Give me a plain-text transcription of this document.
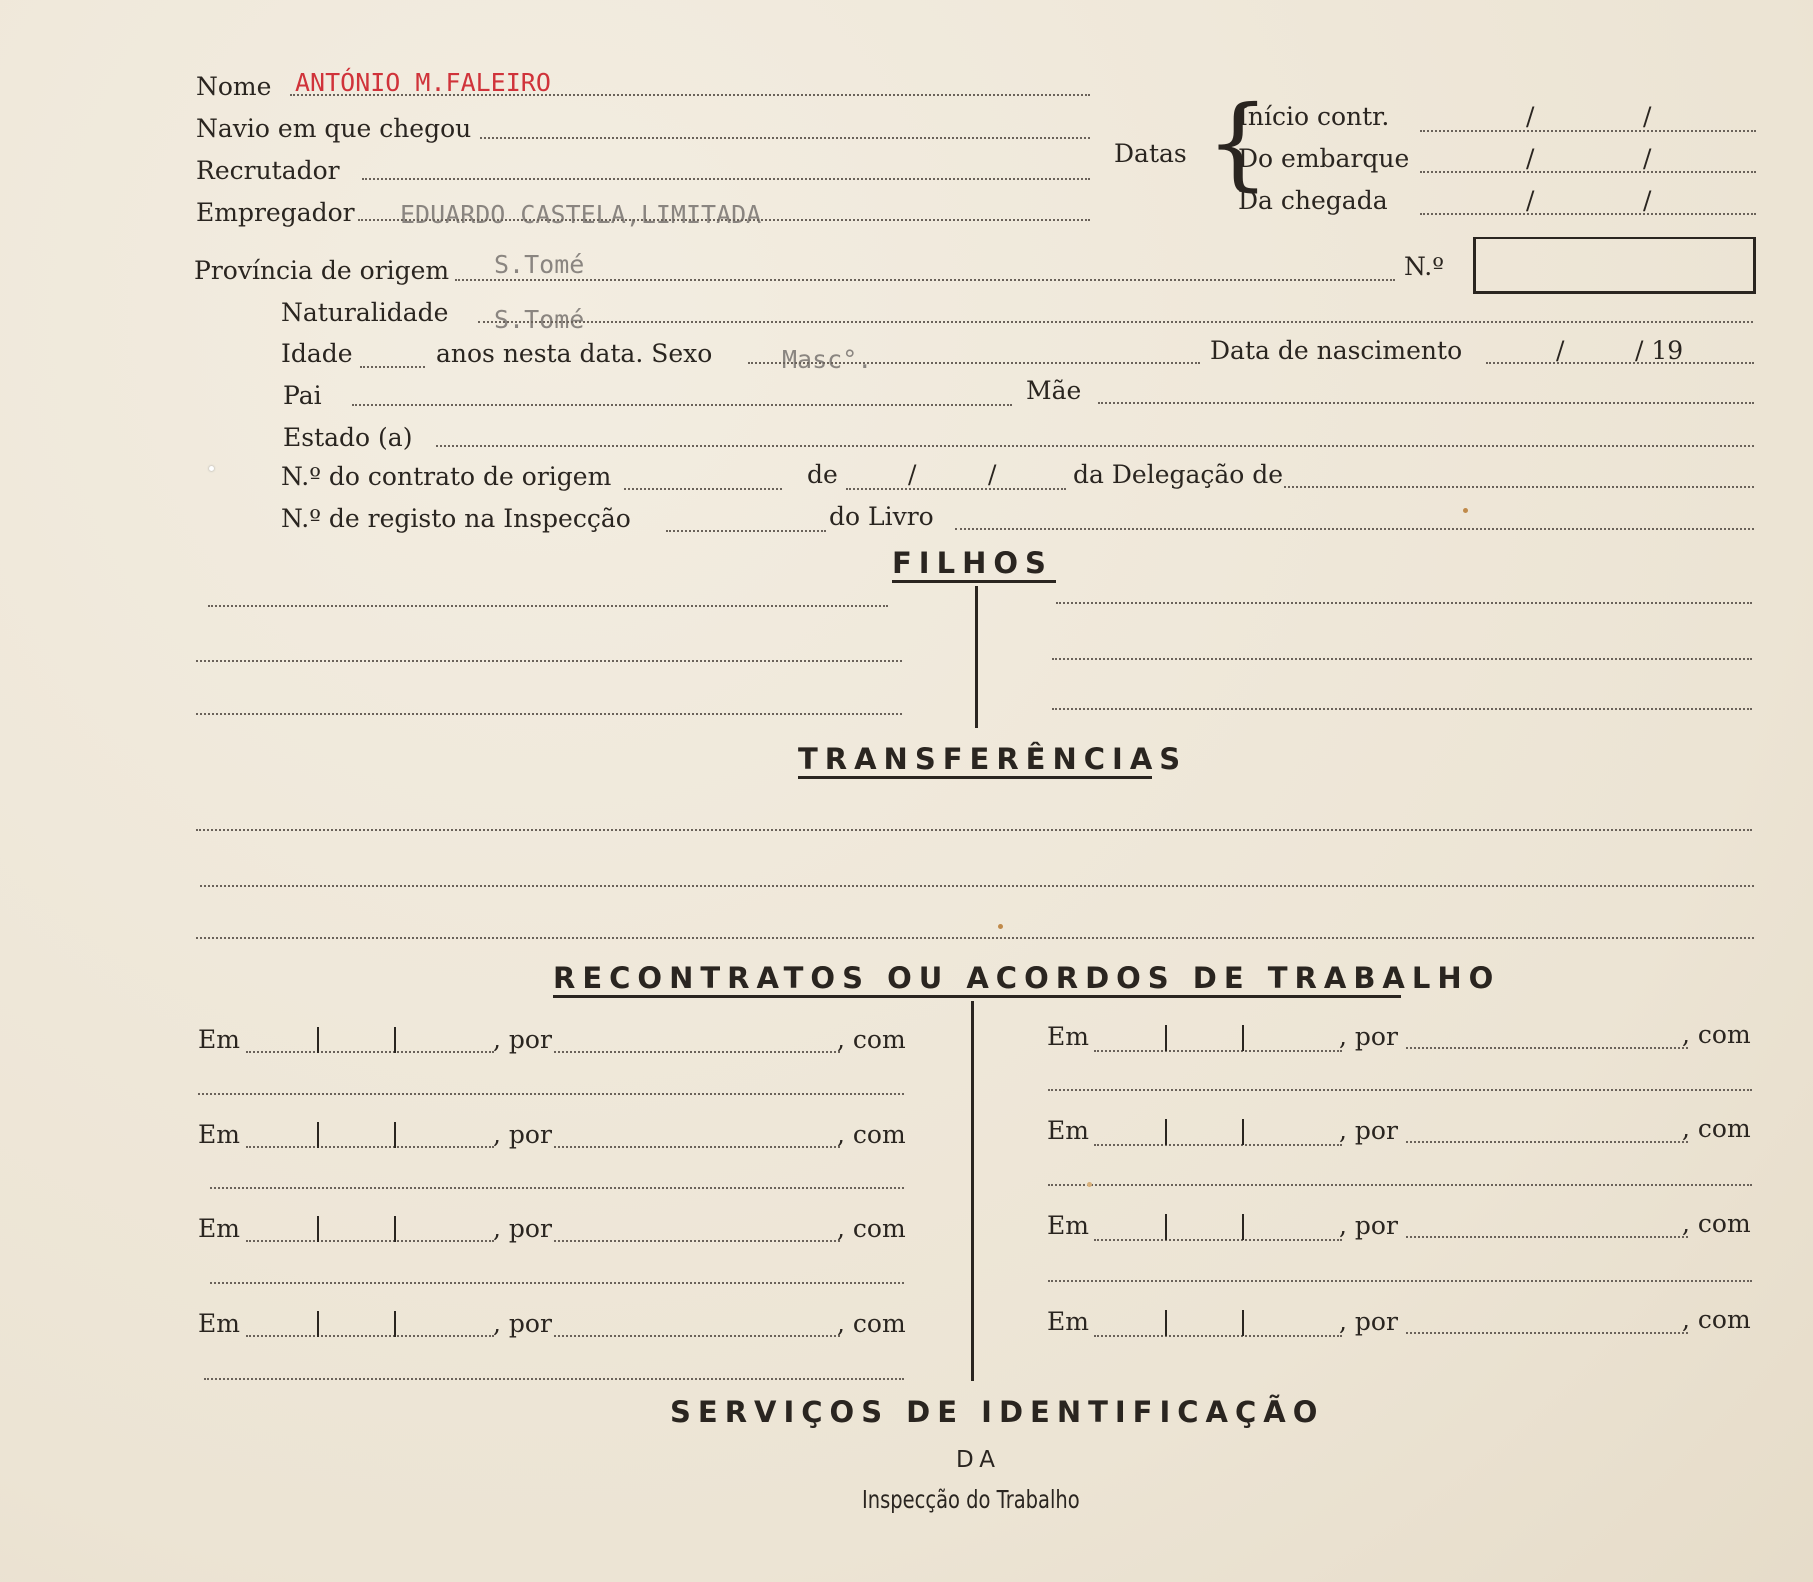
Nome ANTÓNIO M.FALEIRO
Navio em que chegou
Recrutador
Empregador EDUARDO CASTELA,LIMITADA
Datas {
Início contr.	/	/
Do embarque	/	/
Da chegada	/	/
Província de origem S.Tomé	N.º
Naturalidade S.Tomé
Idade	anos nesta data. Sexo	Masc°.	Data de nascimento	/	/ 19
Pai	Mãe
Estado (a)
N.º do contrato de origem	de	/	/	da Delegação de
N.º de registo na Inspecção	do Livro
FILHOS
TRANSFERÊNCIAS
RECONTRATOS OU ACORDOS DE TRABALHO
Em	, por	, com
Em	, por	, com
Em	, por	, com
Em	, por	, com
Em	, por	, com
Em	, por	, com
Em	, por	, com
Em	, por	, com
SERVIÇOS DE IDENTIFICAÇÃO
DA
Inspecção do Trabalho
